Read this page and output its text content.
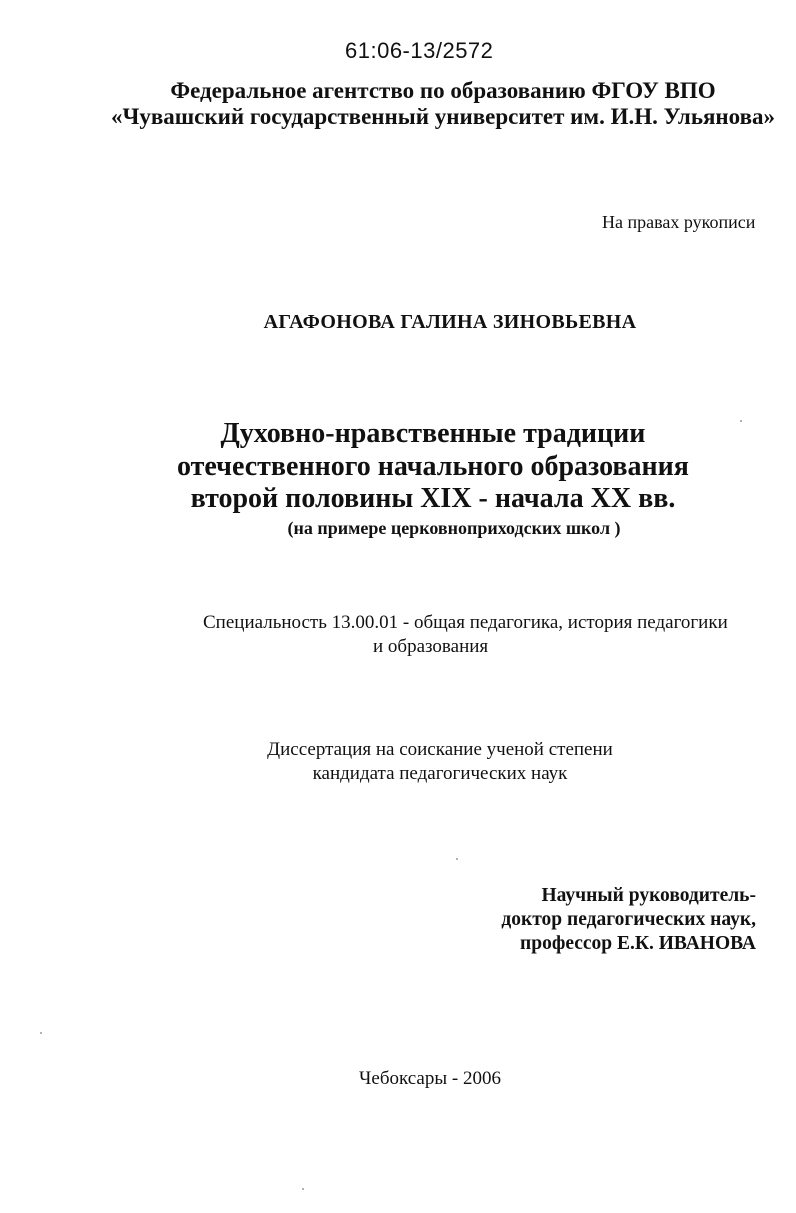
61:06-13/2572

Федеральное агентство по образованию ФГОУ ВПО

«Чувашский государственный университет им. И.Н. Ульянова»

На правах рукописи

АГАФОНОВА ГАЛИНА ЗИНОВЬЕВНА

Духовно-нравственные традиции
отечественного начального образования
второй половины XIX - начала XX вв.

(на примере церковноприходских школ )

Специальность 13.00.01 - общая педагогика, история педагогики

и образования

Диссертация на соискание ученой степени

кандидата педагогических наук

Научный руководитель-

доктор педагогических наук,

профессор Е.К. ИВАНОВА

Чебоксары - 2006
